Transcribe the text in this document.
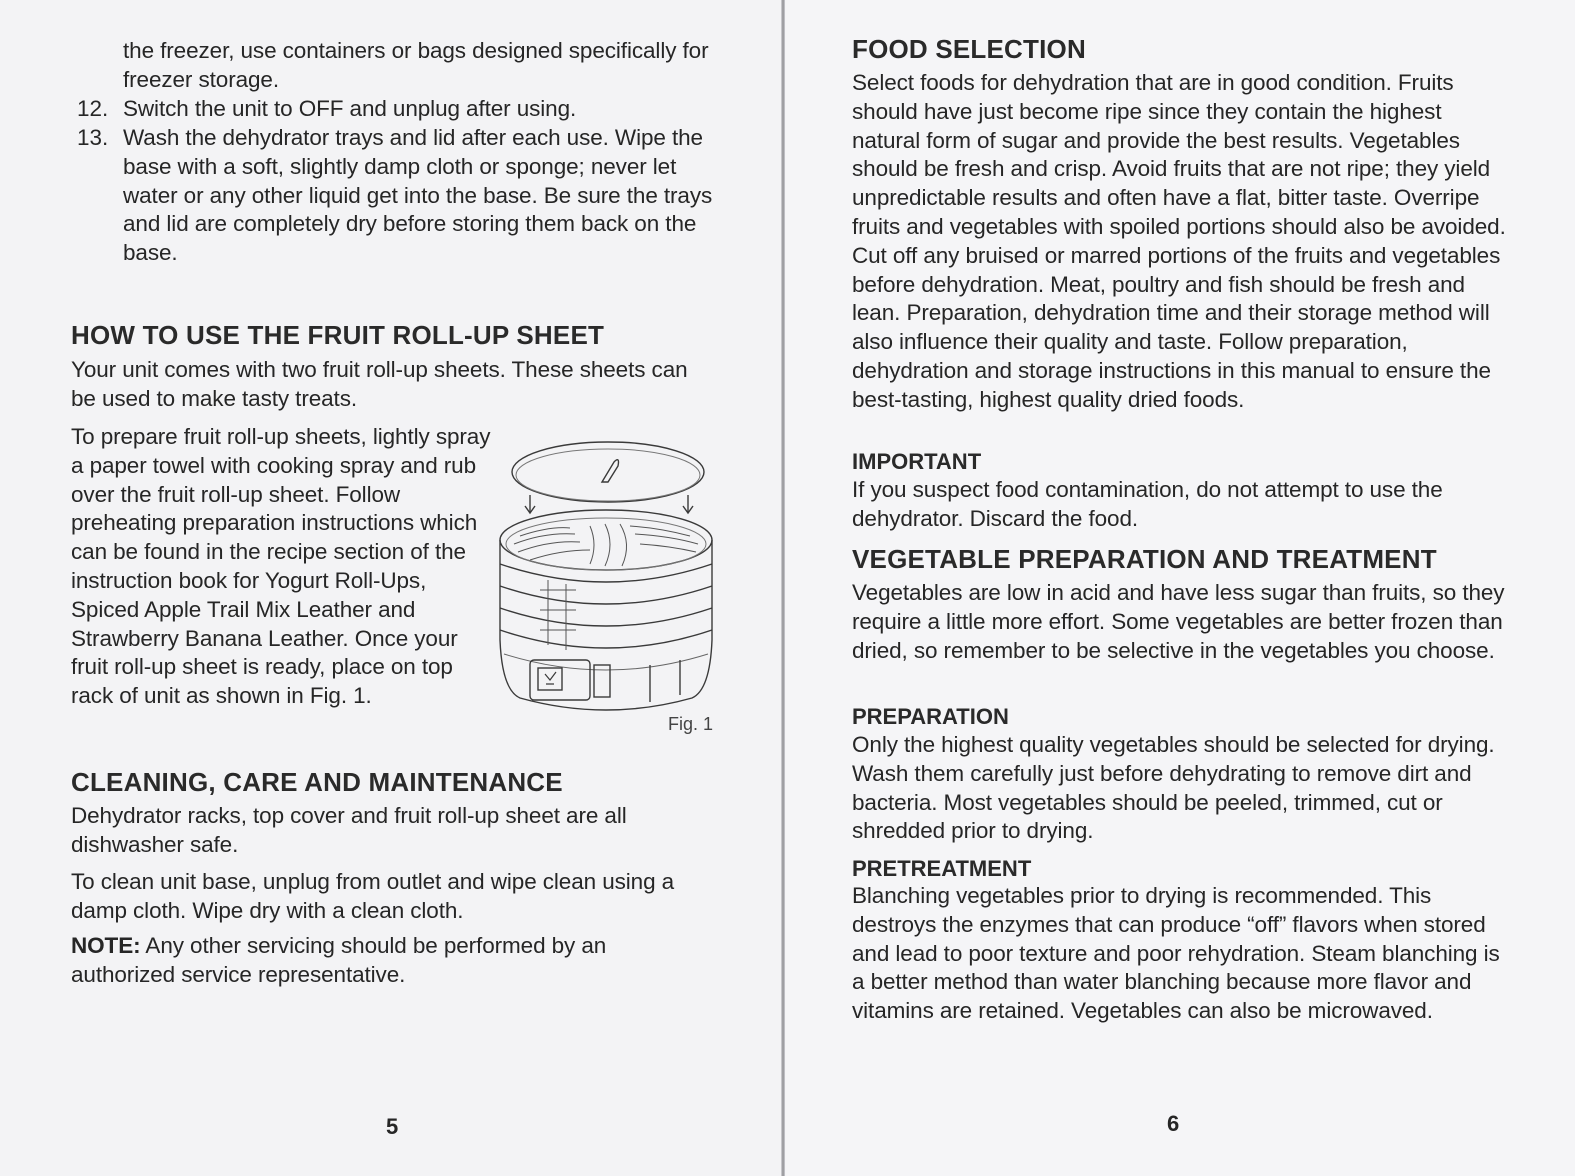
the freezer, use containers or bags designed specifically for freezer storage.

12. Switch the unit to OFF and unplug after using.

13. Wash the dehydrator trays and lid after each use. Wipe the base with a soft, slightly damp cloth or sponge; never let water or any other liquid get into the base. Be sure the trays and lid are completely dry before storing them back on the base.

HOW TO USE THE FRUIT ROLL-UP SHEET

Your unit comes with two fruit roll-up sheets. These sheets can be used to make tasty treats.

To prepare fruit roll-up sheets, lightly spray a paper towel with cooking spray and rub over the fruit roll-up sheet. Follow preheating preparation instructions which can be found in the recipe section of the instruction book for Yogurt Roll-Ups, Spiced Apple Trail Mix Leather and Strawberry Banana Leather. Once your fruit roll-up sheet is ready, place on top rack of unit as shown in Fig. 1.

Fig. 1
CLEANING, CARE AND MAINTENANCE

Dehydrator racks, top cover and fruit roll-up sheet are all dishwasher safe.

To clean unit base, unplug from outlet and wipe clean using a damp cloth. Wipe dry with a clean cloth.

NOTE: Any other servicing should be performed by an authorized service representative.

5
FOOD SELECTION

Select foods for dehydration that are in good condition. Fruits should have just become ripe since they contain the highest natural form of sugar and provide the best results. Vegetables should be fresh and crisp. Avoid fruits that are not ripe; they yield unpredictable results and often have a flat, bitter taste. Overripe fruits and vegetables with spoiled portions should also be avoided. Cut off any bruised or marred portions of the fruits and vegetables before dehydration. Meat, poultry and fish should be fresh and lean. Preparation, dehydration time and their storage method will also influence their quality and taste. Follow preparation, dehydration and storage instructions in this manual to ensure the best-tasting, highest quality dried foods.

IMPORTANT

If you suspect food contamination, do not attempt to use the dehydrator. Discard the food.

VEGETABLE PREPARATION AND TREATMENT

Vegetables are low in acid and have less sugar than fruits, so they require a little more effort. Some vegetables are better frozen than dried, so remember to be selective in the vegetables you choose.

PREPARATION

Only the highest quality vegetables should be selected for drying. Wash them carefully just before dehydrating to remove dirt and bacteria. Most vegetables should be peeled, trimmed, cut or shredded prior to drying.

PRETREATMENT

Blanching vegetables prior to drying is recommended. This destroys the enzymes that can produce “off” flavors when stored and lead to poor texture and poor rehydration. Steam blanching is a better method than water blanching because more flavor and vitamins are retained. Vegetables can also be microwaved.

6
